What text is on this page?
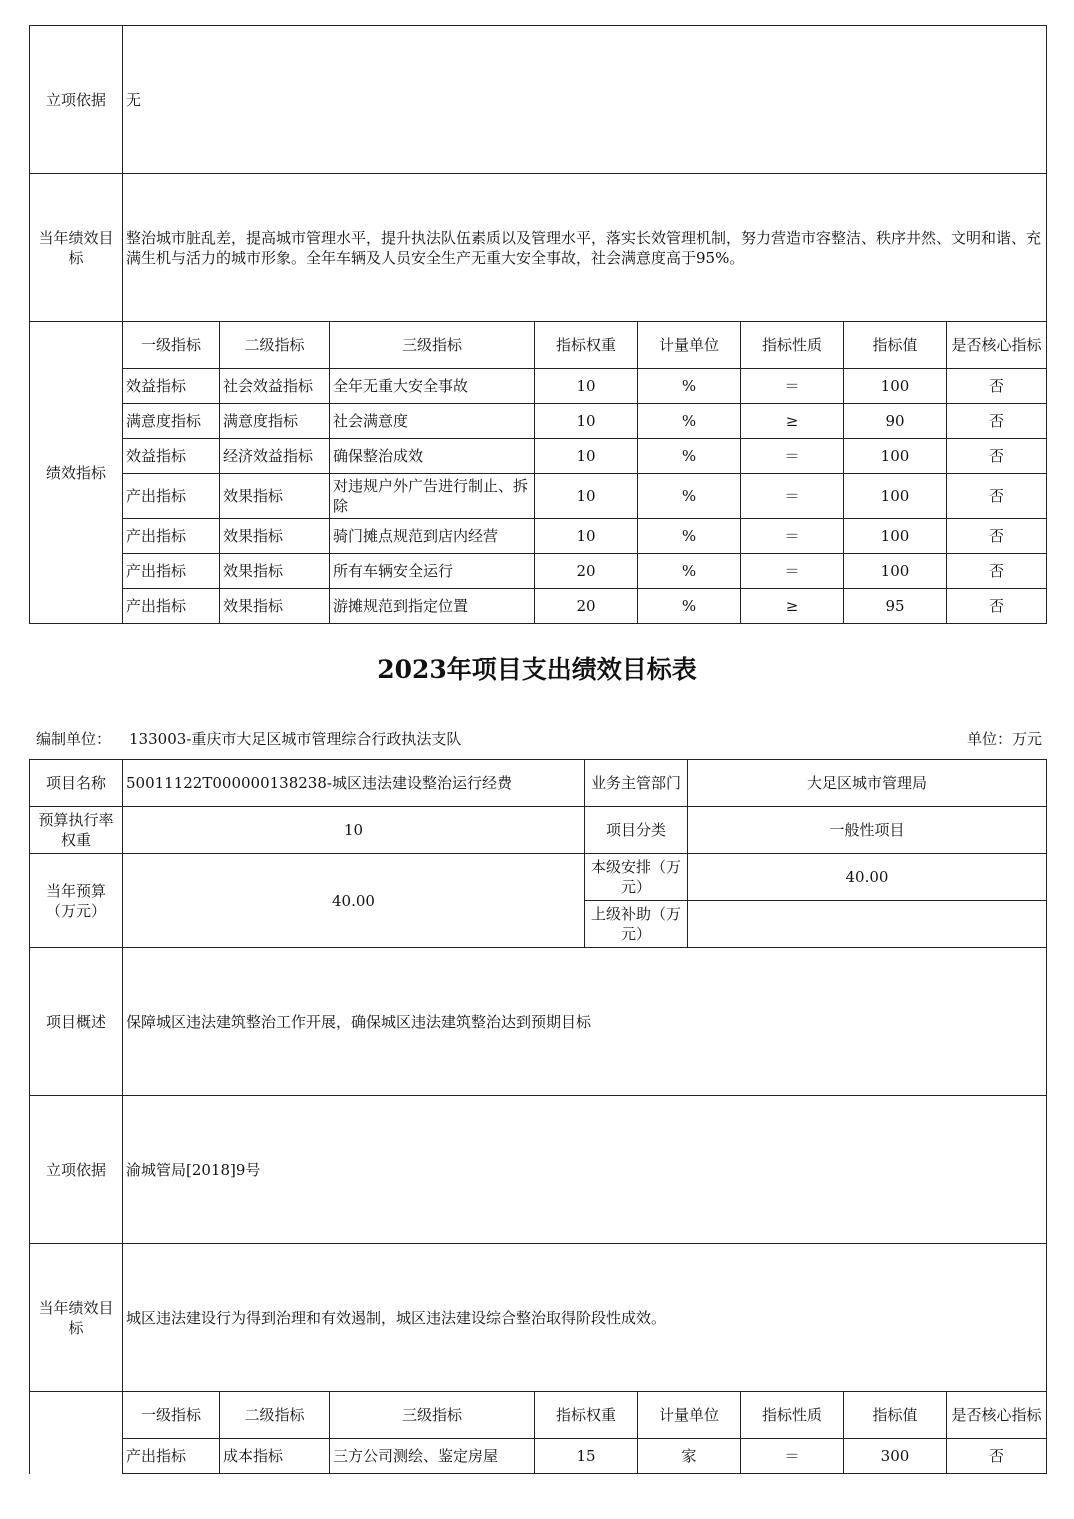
立项依据	无							
当年绩效目标	整治城市脏乱差，提高城市管理水平，提升执法队伍素质以及管理水平，落实长效管理机制，努力营造市容整洁、秩序井然、文明和谐、充满生机与活力的城市形象。全年车辆及人员安全生产无重大安全事故，社会满意度高于95%。							
绩效指标	一级指标	二级指标	三级指标	指标权重	计量单位	指标性质	指标值	是否核心指标
	效益指标	社会效益指标	全年无重大安全事故	10	%	＝	100	否
	满意度指标	满意度指标	社会满意度	10	%	≥	90	否
	效益指标	经济效益指标	确保整治成效	10	%	＝	100	否
	产出指标	效果指标	对违规户外广告进行制止、拆除	10	%	＝	100	否
	产出指标	效果指标	骑门摊点规范到店内经营	10	%	＝	100	否
	产出指标	效果指标	所有车辆安全运行	20	%	＝	100	否
	产出指标	效果指标	游摊规范到指定位置	20	%	≥	95	否
2023年项目支出绩效目标表
编制单位： 133003-重庆市大足区城市管理综合行政执法支队	单位：万元
项目名称	50011122T000000138238-城区违法建设整治运行经费	业务主管部门	大足区城市管理局
预算执行率权重	10	项目分类	一般性项目
当年预算（万元）	40.00	本级安排（万元）	40.00
		上级补助（万元）	
项目概述	保障城区违法建筑整治工作开展，确保城区违法建筑整治达到预期目标		
立项依据	渝城管局[2018]9号		
当年绩效目标	城区违法建设行为得到治理和有效遏制，城区违法建设综合整治取得阶段性成效。		
	一级指标	二级指标	三级指标	指标权重	计量单位	指标性质	指标值	是否核心指标
	产出指标	成本指标	三方公司测绘、鉴定房屋	15	家	＝	300	否
